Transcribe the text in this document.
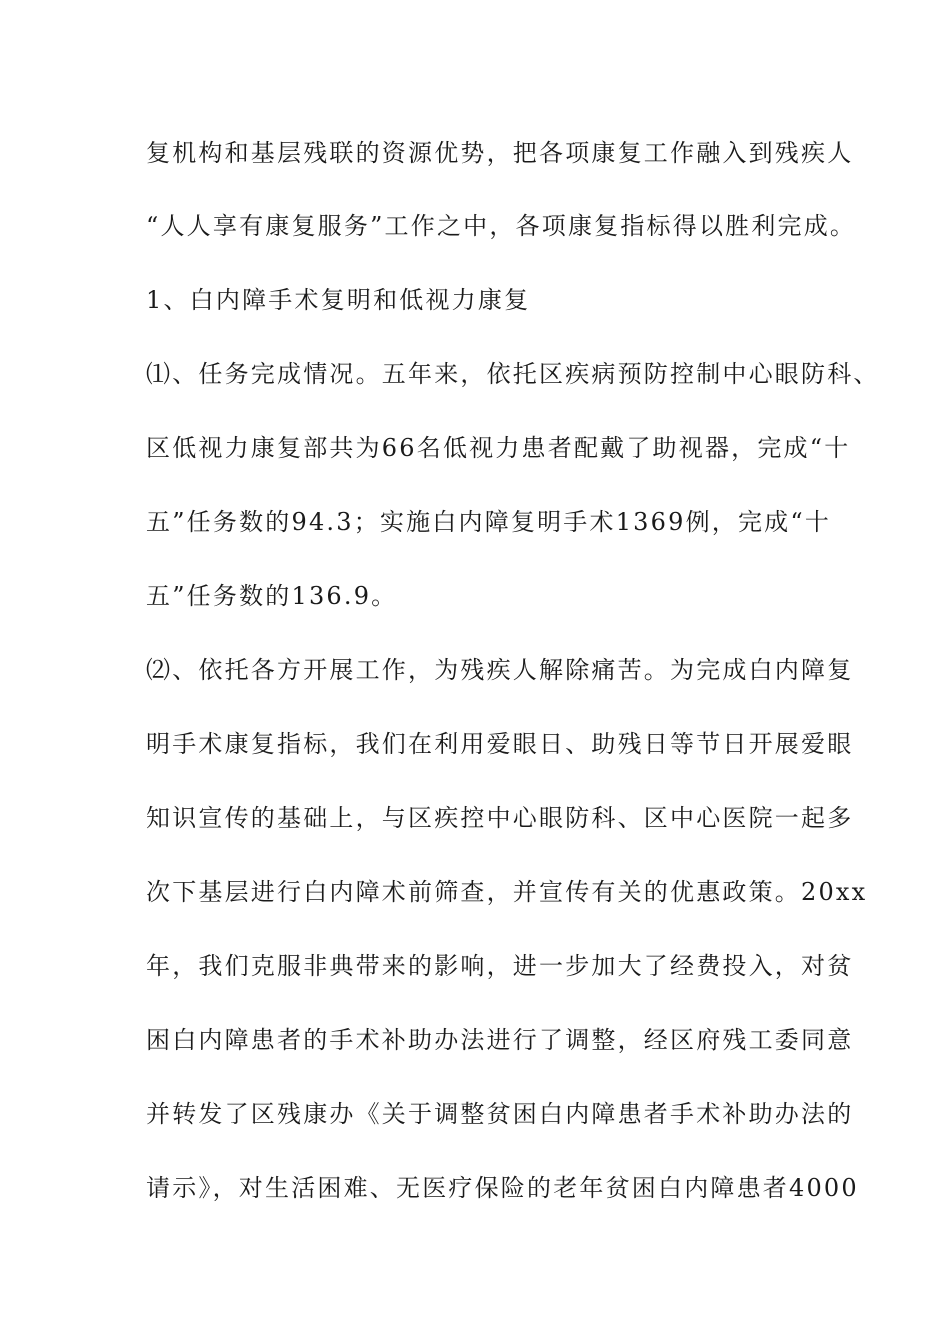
复机构和基层残联的资源优势，把各项康复工作融入到残疾人
“人人享有康复服务”工作之中，各项康复指标得以胜利完成。
1、白内障手术复明和低视力康复
⑴、任务完成情况。五年来，依托区疾病预防控制中心眼防科、
区低视力康复部共为66名低视力患者配戴了助视器，完成“十
五”任务数的94.3；实施白内障复明手术1369例，完成“十
五”任务数的136.9。
⑵、依托各方开展工作，为残疾人解除痛苦。为完成白内障复
明手术康复指标，我们在利用爱眼日、助残日等节日开展爱眼
知识宣传的基础上，与区疾控中心眼防科、区中心医院一起多
次下基层进行白内障术前筛查，并宣传有关的优惠政策。20xx
年，我们克服非典带来的影响，进一步加大了经费投入，对贫
困白内障患者的手术补助办法进行了调整，经区府残工委同意
并转发了区残康办《关于调整贫困白内障患者手术补助办法的
请示》，对生活困难、无医疗保险的老年贫困白内障患者4000
